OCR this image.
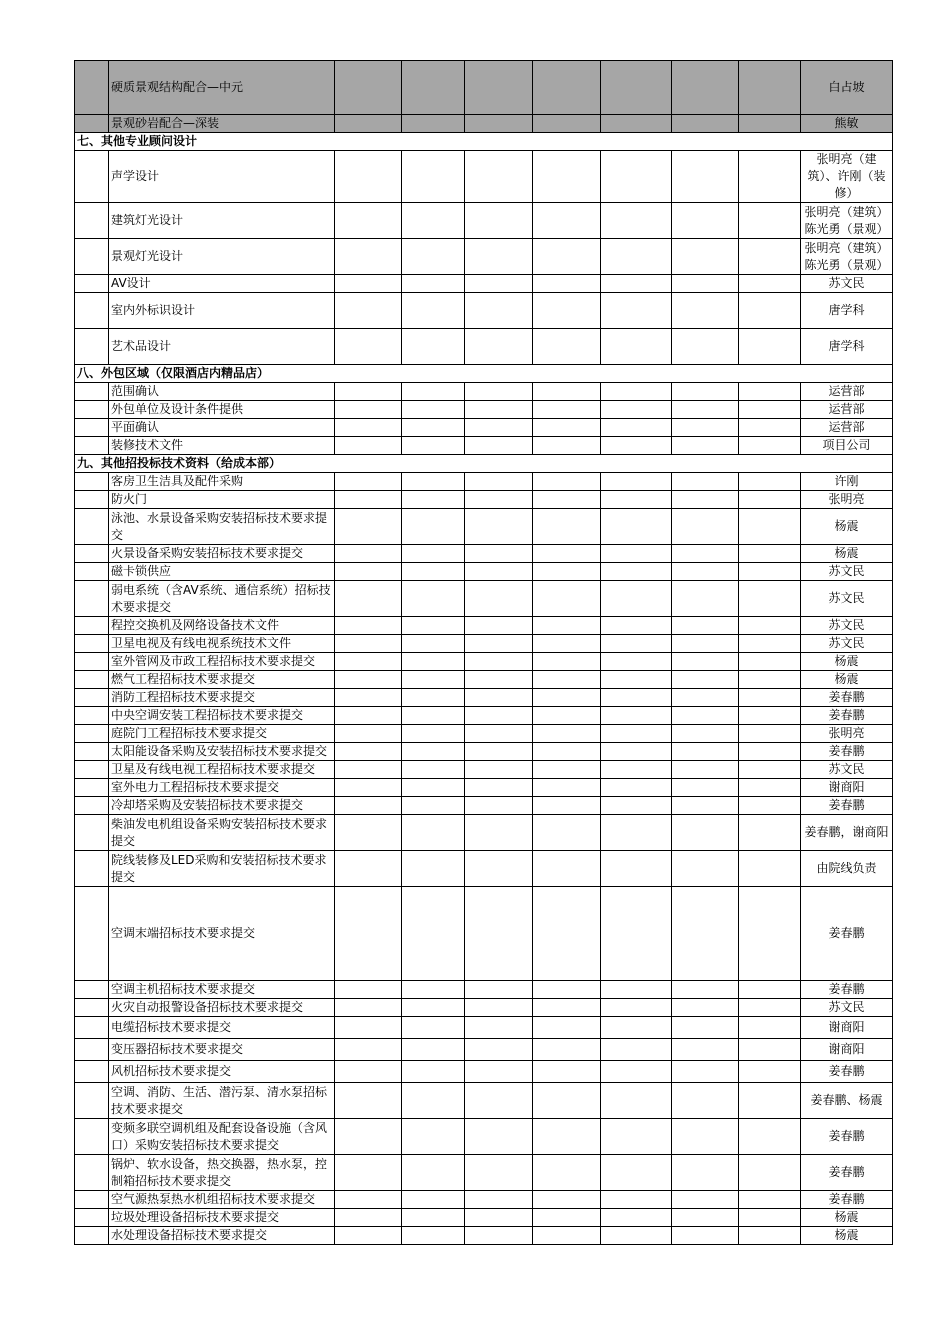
	硬质景观结构配合—中元								白占坡
	景观砂岩配合—深装								熊敏
七、其他专业顾问设计									
	声学设计								张明亮（建筑）、许刚（装修）
	建筑灯光设计								张明亮（建筑）陈光勇（景观）
	景观灯光设计								张明亮（建筑）陈光勇（景观）
	AV设计								苏文民
	室内外标识设计								唐学科
	艺术品设计								唐学科
八、外包区域（仅限酒店内精品店）									
	范围确认								运营部
	外包单位及设计条件提供								运营部
	平面确认								运营部
	装修技术文件								项目公司
九、其他招投标技术资料（给成本部）									
	客房卫生洁具及配件采购								许刚
	防火门								张明亮
	泳池、水景设备采购安装招标技术要求提交								杨震
	火景设备采购安装招标技术要求提交								杨震
	磁卡锁供应								苏文民
	弱电系统（含AV系统、通信系统）招标技术要求提交								苏文民
	程控交换机及网络设备技术文件								苏文民
	卫星电视及有线电视系统技术文件								苏文民
	室外管网及市政工程招标技术要求提交								杨震
	燃气工程招标技术要求提交								杨震
	消防工程招标技术要求提交								姜春鹏
	中央空调安装工程招标技术要求提交								姜春鹏
	庭院门工程招标技术要求提交								张明亮
	太阳能设备采购及安装招标技术要求提交								姜春鹏
	卫星及有线电视工程招标技术要求提交								苏文民
	室外电力工程招标技术要求提交								谢商阳
	冷却塔采购及安装招标技术要求提交								姜春鹏
	柴油发电机组设备采购安装招标技术要求提交								姜春鹏，谢商阳
	院线装修及LED采购和安装招标技术要求提交								由院线负责
	空调末端招标技术要求提交								姜春鹏
	空调主机招标技术要求提交								姜春鹏
	火灾自动报警设备招标技术要求提交								苏文民
	电缆招标技术要求提交								谢商阳
	变压器招标技术要求提交								谢商阳
	风机招标技术要求提交								姜春鹏
	空调、消防、生活、潜污泵、清水泵招标技术要求提交								姜春鹏、杨震
	变频多联空调机组及配套设备设施（含风口）采购安装招标技术要求提交								姜春鹏
	锅炉、软水设备，热交换器，热水泵，控制箱招标技术要求提交								姜春鹏
	空气源热泵热水机组招标技术要求提交								姜春鹏
	垃圾处理设备招标技术要求提交								杨震
	水处理设备招标技术要求提交								杨震
